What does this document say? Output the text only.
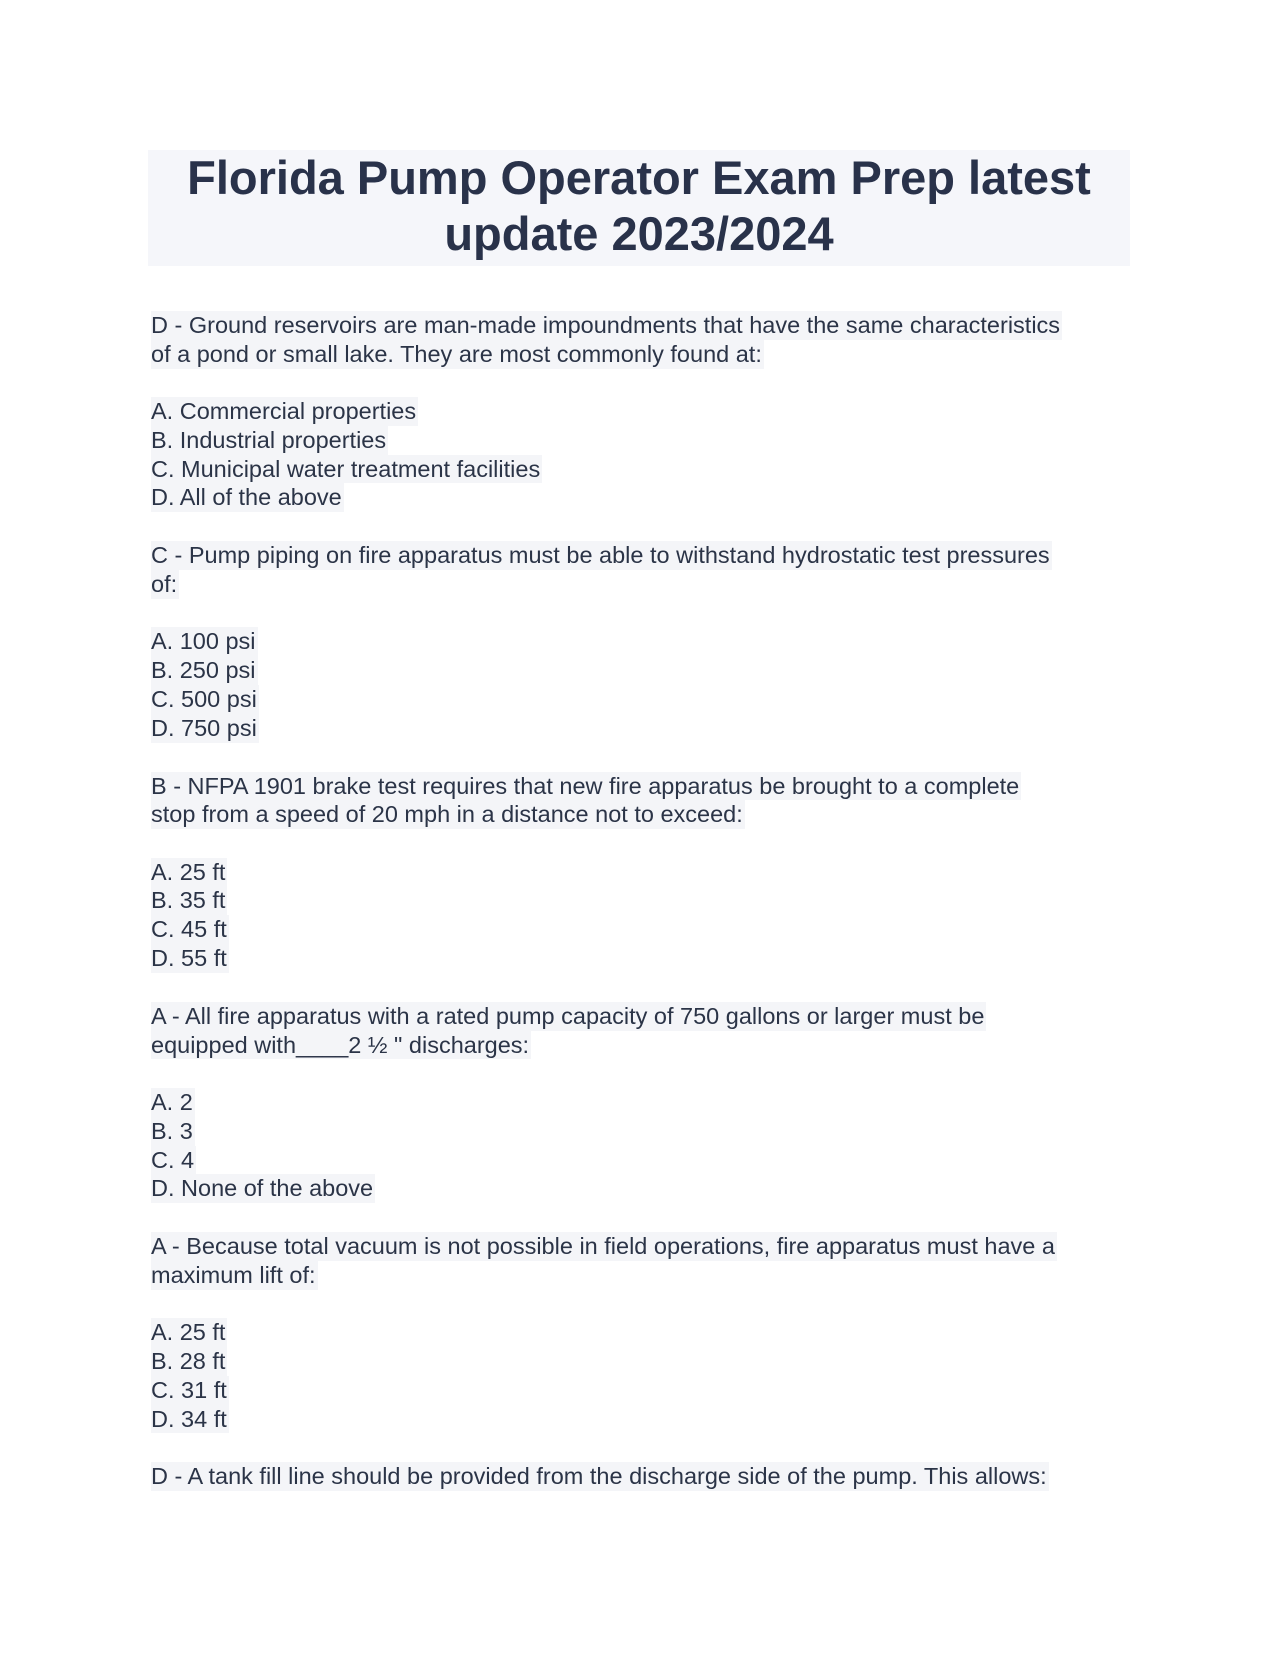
Florida Pump Operator Exam Prep latest
update 2023/2024
D - Ground reservoirs are man-made impoundments that have the same characteristics
of a pond or small lake. They are most commonly found at:
A. Commercial properties
B. Industrial properties
C. Municipal water treatment facilities
D. All of the above
C - Pump piping on fire apparatus must be able to withstand hydrostatic test pressures
of:
A. 100 psi
B. 250 psi
C. 500 psi
D. 750 psi
B - NFPA 1901 brake test requires that new fire apparatus be brought to a complete
stop from a speed of 20 mph in a distance not to exceed:
A. 25 ft
B. 35 ft
C. 45 ft
D. 55 ft
A - All fire apparatus with a rated pump capacity of 750 gallons or larger must be
equipped with____2 ½ " discharges:
A. 2
B. 3
C. 4
D. None of the above
A - Because total vacuum is not possible in field operations, fire apparatus must have a
maximum lift of:
A. 25 ft
B. 28 ft
C. 31 ft
D. 34 ft
D - A tank fill line should be provided from the discharge side of the pump. This allows:
